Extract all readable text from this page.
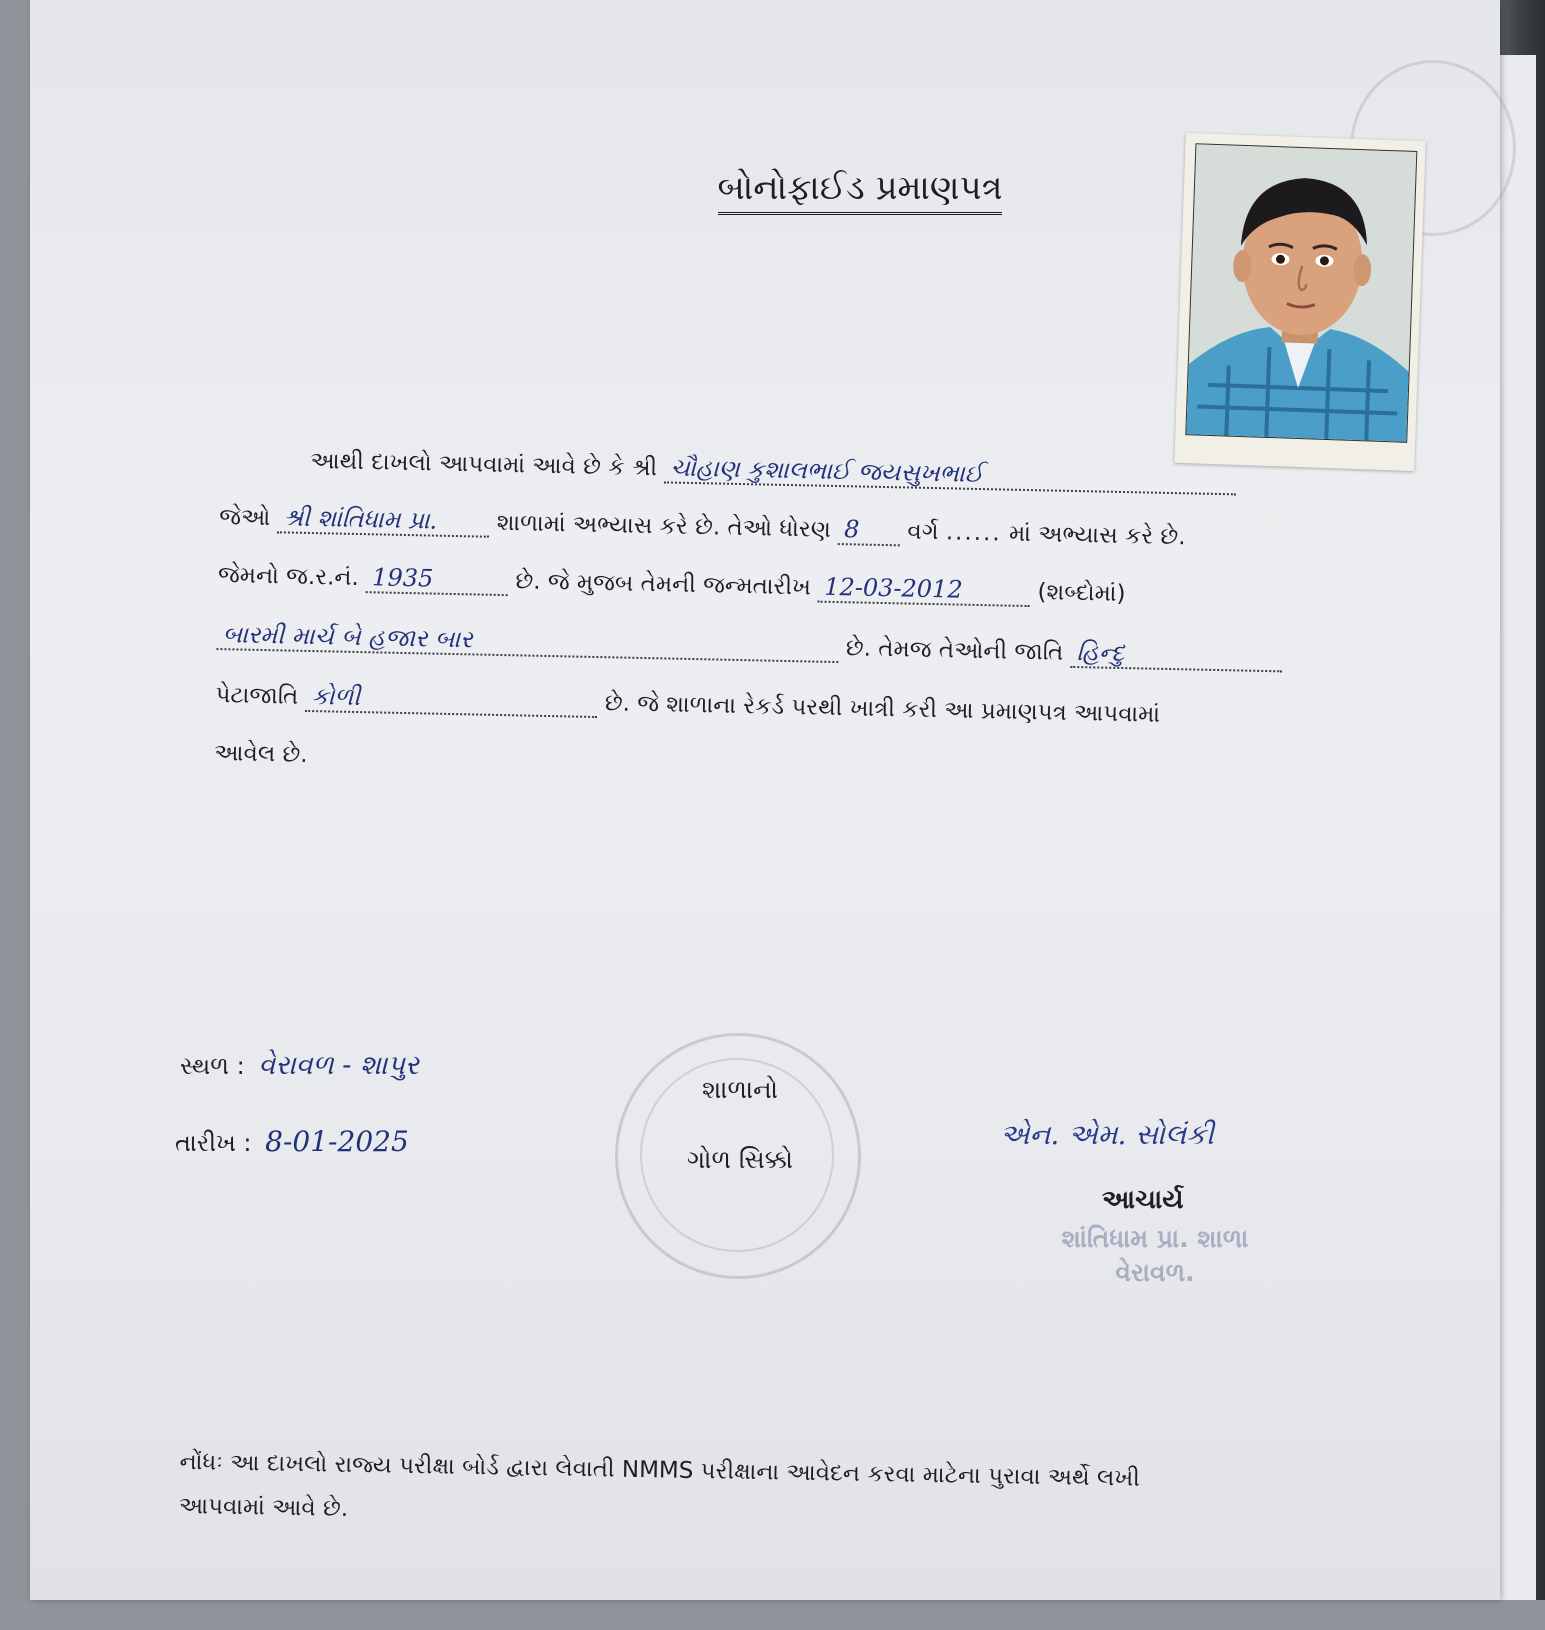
બોનોફાઈડ પ્રમાણપત્ર
આથી દાખલો આપવામાં આવે છે કે શ્રી ચૌહાણ કુશાલભાઈ જયસુખભાઈ
જેઓ શ્રી શાંતિધામ પ્રા.	શાળામાં અભ્યાસ કરે છે. તેઓ ધોરણ 8 વર્ગ ...... માં અભ્યાસ કરે છે.
જેમનો જ.ર.નં. 1935	છે. જે મુજબ તેમની જન્મતારીખ 12-03-2012	(શબ્દોમાં)
બારમી માર્ચ બે હજાર બાર	છે. તેમજ તેઓની જાતિ હિન્દુ
પેટાજાતિ કોળી	છે. જે શાળાના રેકર્ડ પરથી ખાત્રી કરી આ પ્રમાણપત્ર આપવામાં
આવેલ છે.
સ્થળ : વેરાવળ - શાપુર
તારીખ : 8-01-2025
શાળાનો
ગોળ સિક્કો
એન. એમ. સોલંકી
આચાર્ય
શાંતિધામ પ્રા. શાળા
વેરાવળ.
નોંધઃ આ દાખલો રાજ્ય પરીક્ષા બોર્ડ દ્વારા લેવાતી NMMS પરીક્ષાના આવેદન કરવા માટેના પુરાવા અર્થે લખી
આપવામાં આવે છે.
